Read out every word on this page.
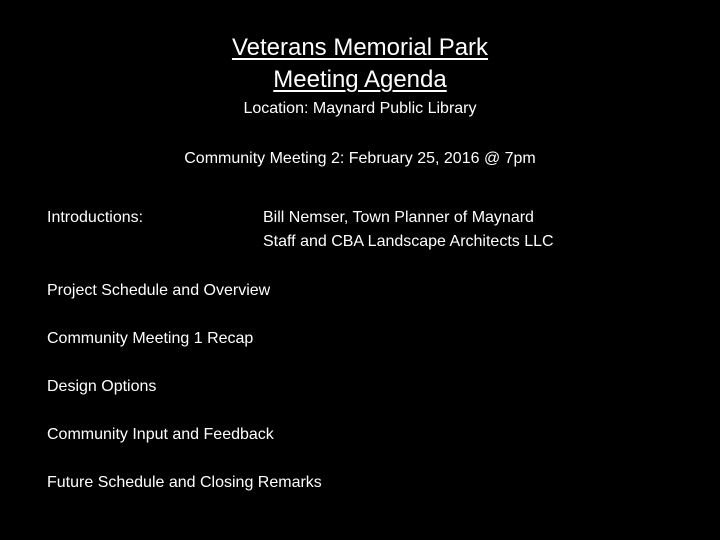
Veterans Memorial Park
Meeting Agenda
Location: Maynard Public Library
Community Meeting 2: February 25, 2016 @ 7pm
Introductions:	Bill Nemser, Town Planner of Maynard
Staff and CBA Landscape Architects LLC
Project Schedule and Overview
Community Meeting 1 Recap
Design Options
Community Input and Feedback
Future Schedule and Closing Remarks
